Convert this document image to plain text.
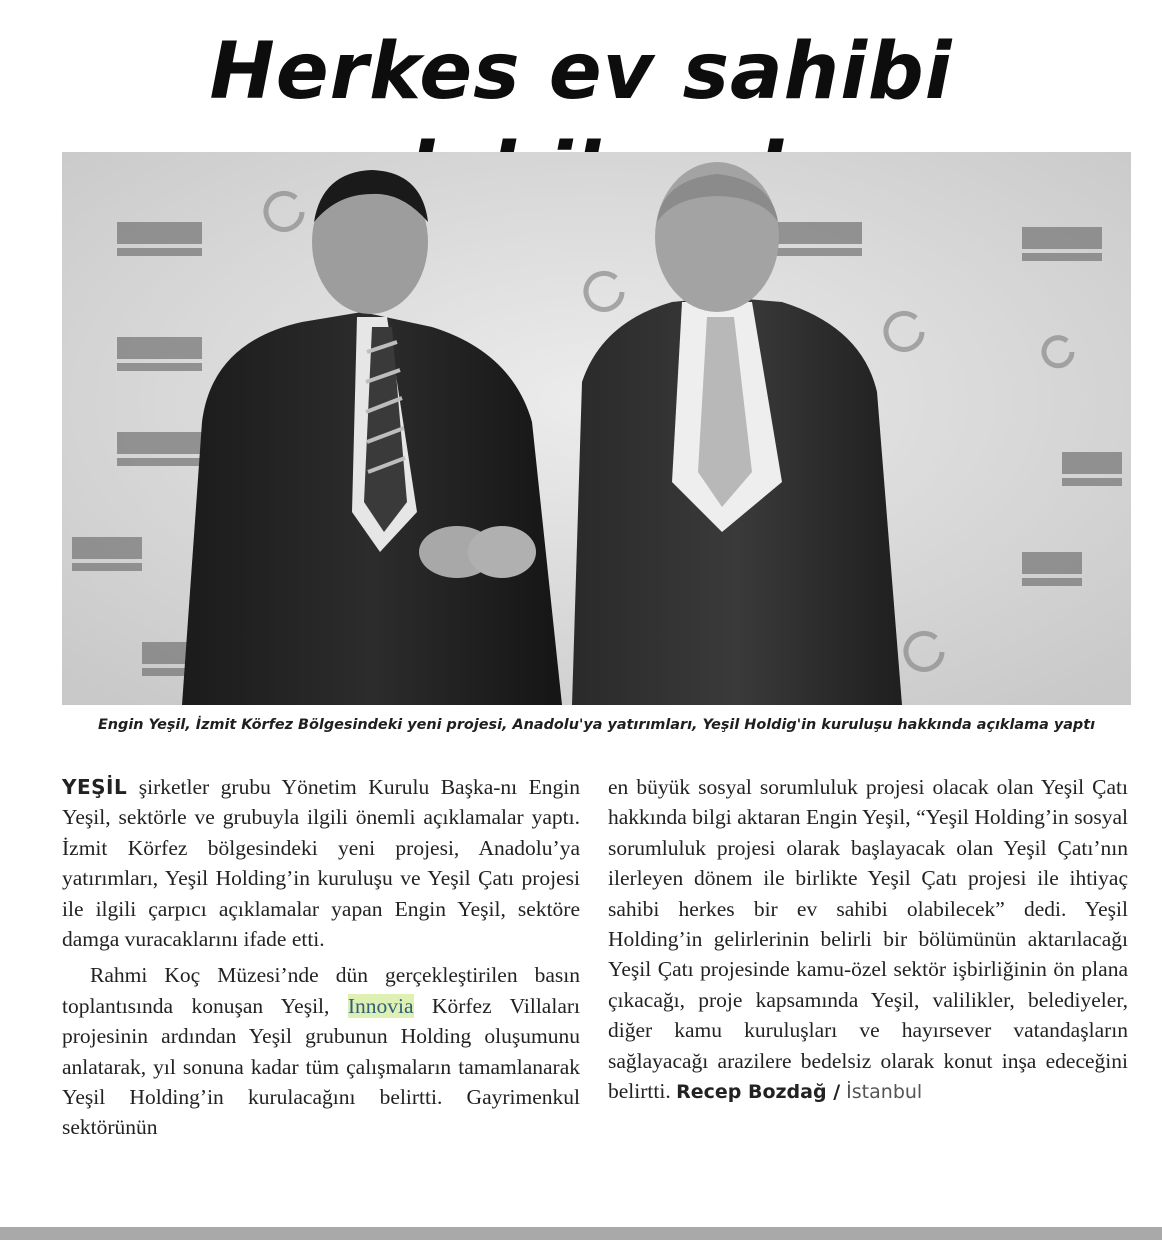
Herkes ev sahibi
Engin Yeşil, İzmit Körfez Bölgesindeki yeni projesi, Anadolu'ya yatırımları, Yeşil Holdig'in kuruluşu hakkında açıklama yaptı

YEŞİL şirketler grubu Yönetim Kurulu Başka-nı Engin Yeşil, sektörle ve grubuyla ilgili önemli açıklamalar yaptı. İzmit Körfez bölgesindeki yeni projesi, Anadolu’ya yatırımları, Yeşil Holding’in kuruluşu ve Yeşil Çatı projesi ile ilgili çarpıcı açıklamalar yapan Engin Yeşil, sektöre damga vuracaklarını ifade etti.

Rahmi Koç Müzesi’nde dün gerçekleştirilen basın toplantısında konuşan Yeşil, Innovia Körfez Villaları projesinin ardından Yeşil grubunun Holding oluşumunu anlatarak, yıl sonuna kadar tüm çalışmaların tamamlanarak Yeşil Holding’in kurulacağını belirtti. Gayrimenkul sektörünün

en büyük sosyal sorumluluk projesi olacak olan Yeşil Çatı hakkında bilgi aktaran Engin Yeşil, “Yeşil Holding’in sosyal sorumluluk projesi olarak başlayacak olan Yeşil Çatı’nın ilerleyen dönem ile birlikte Yeşil Çatı projesi ile ihtiyaç sahibi herkes bir ev sahibi olabilecek” dedi. Yeşil Holding’in gelirlerinin belirli bir bölümünün aktarılacağı Yeşil Çatı projesinde kamu-özel sektör işbirliğinin ön plana çıkacağı, proje kapsamında Yeşil, valilikler, belediyeler, diğer kamu kuruluşları ve hayırsever vatandaşların sağlayacağı arazilere bedelsiz olarak konut inşa edeceğini belirtti. Recep Bozdağ / İstanbul
